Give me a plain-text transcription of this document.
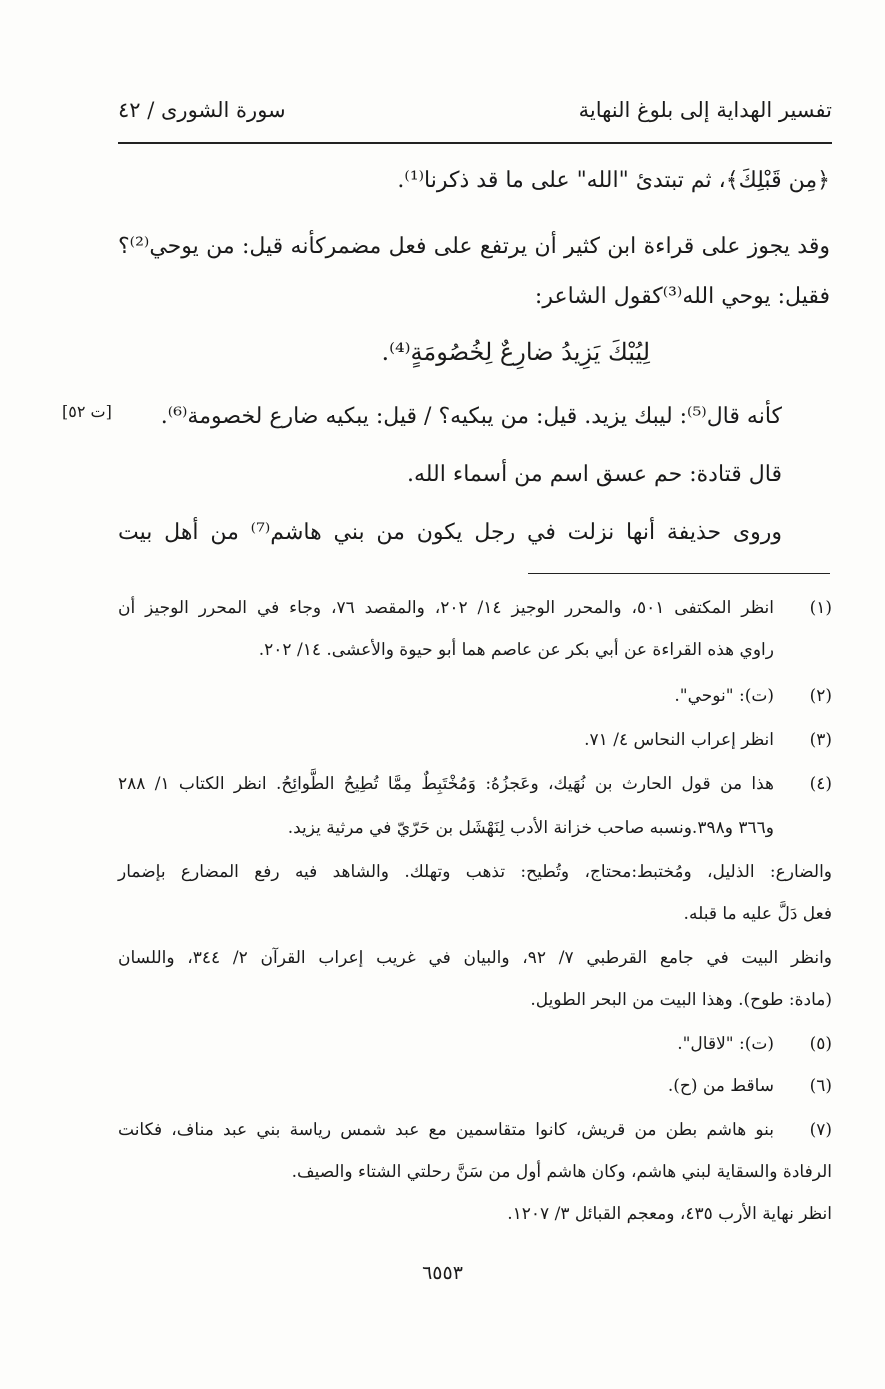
تفسير الهداية إلى بلوغ النهاية
سورة الشورى / ٤٢
﴿مِن قَبْلِكَ﴾، ثم تبتدئ "الله" على ما قد ذكرنا⁽¹⁾.
وقد يجوز على قراءة ابن كثير أن يرتفع على فعل مضمركأنه قيل: من يوحي⁽²⁾؟
فقيل: يوحي الله⁽³⁾كقول الشاعر:
لِيُبْكَ يَزِيدُ ضارِعٌ لِخُصُومَةٍ⁽⁴⁾.
كأنه قال⁽⁵⁾: ليبك يزيد. قيل: من يبكيه؟ / قيل: يبكيه ضارع لخصومة⁽⁶⁾.
قال قتادة: حم عسق اسم من أسماء الله.
وروى حذيفة أنها نزلت في رجل يكون من بني هاشم⁽⁷⁾ من أهل بيت
[ت ٥٢]
(١)
انظر المكتفى ٥٠١، والمحرر الوجيز ١٤/ ٢٠٢، والمقصد ٧٦، وجاء في المحرر الوجيز أن
راوي هذه القراءة عن أبي بكر عن عاصم هما أبو حيوة والأعشى. ١٤/ ٢٠٢.
(٢)
(ت): "نوحي".
(٣)
انظر إعراب النحاس ٤/ ٧١.
(٤)
هذا من قول الحارث بن نُهَيك، وعَجزُهُ: وَمُخْتَبِطٌ مِمَّا تُطِيحُ الطَّوائِحُ. انظر الكتاب ١/ ٢٨٨
و٣٦٦ و٣٩٨.ونسبه صاحب خزانة الأدب لِنَهْشَل بن حَرّيّ في مرثية يزيد.
والضارع: الذليل، ومُختبط:محتاج، وتُطيح: تذهب وتهلك. والشاهد فيه رفع المضارع بإضمار
فعل دَلَّ عليه ما قبله.
وانظر البيت في جامع القرطبي ٧/ ٩٢، والبيان في غريب إعراب القرآن ٢/ ٣٤٤، واللسان
(مادة: طوح). وهذا البيت من البحر الطويل.
(٥)
(ت): "لاقال".
(٦)
ساقط من (ح).
(٧)
بنو هاشم بطن من قريش، كانوا متقاسمين مع عبد شمس رياسة بني عبد مناف، فكانت
الرفادة والسقاية لبني هاشم، وكان هاشم أول من سَنَّ رحلتي الشتاء والصيف.
انظر نهاية الأرب ٤٣٥، ومعجم القبائل ٣/ ١٢٠٧.
٦٥٥٣
